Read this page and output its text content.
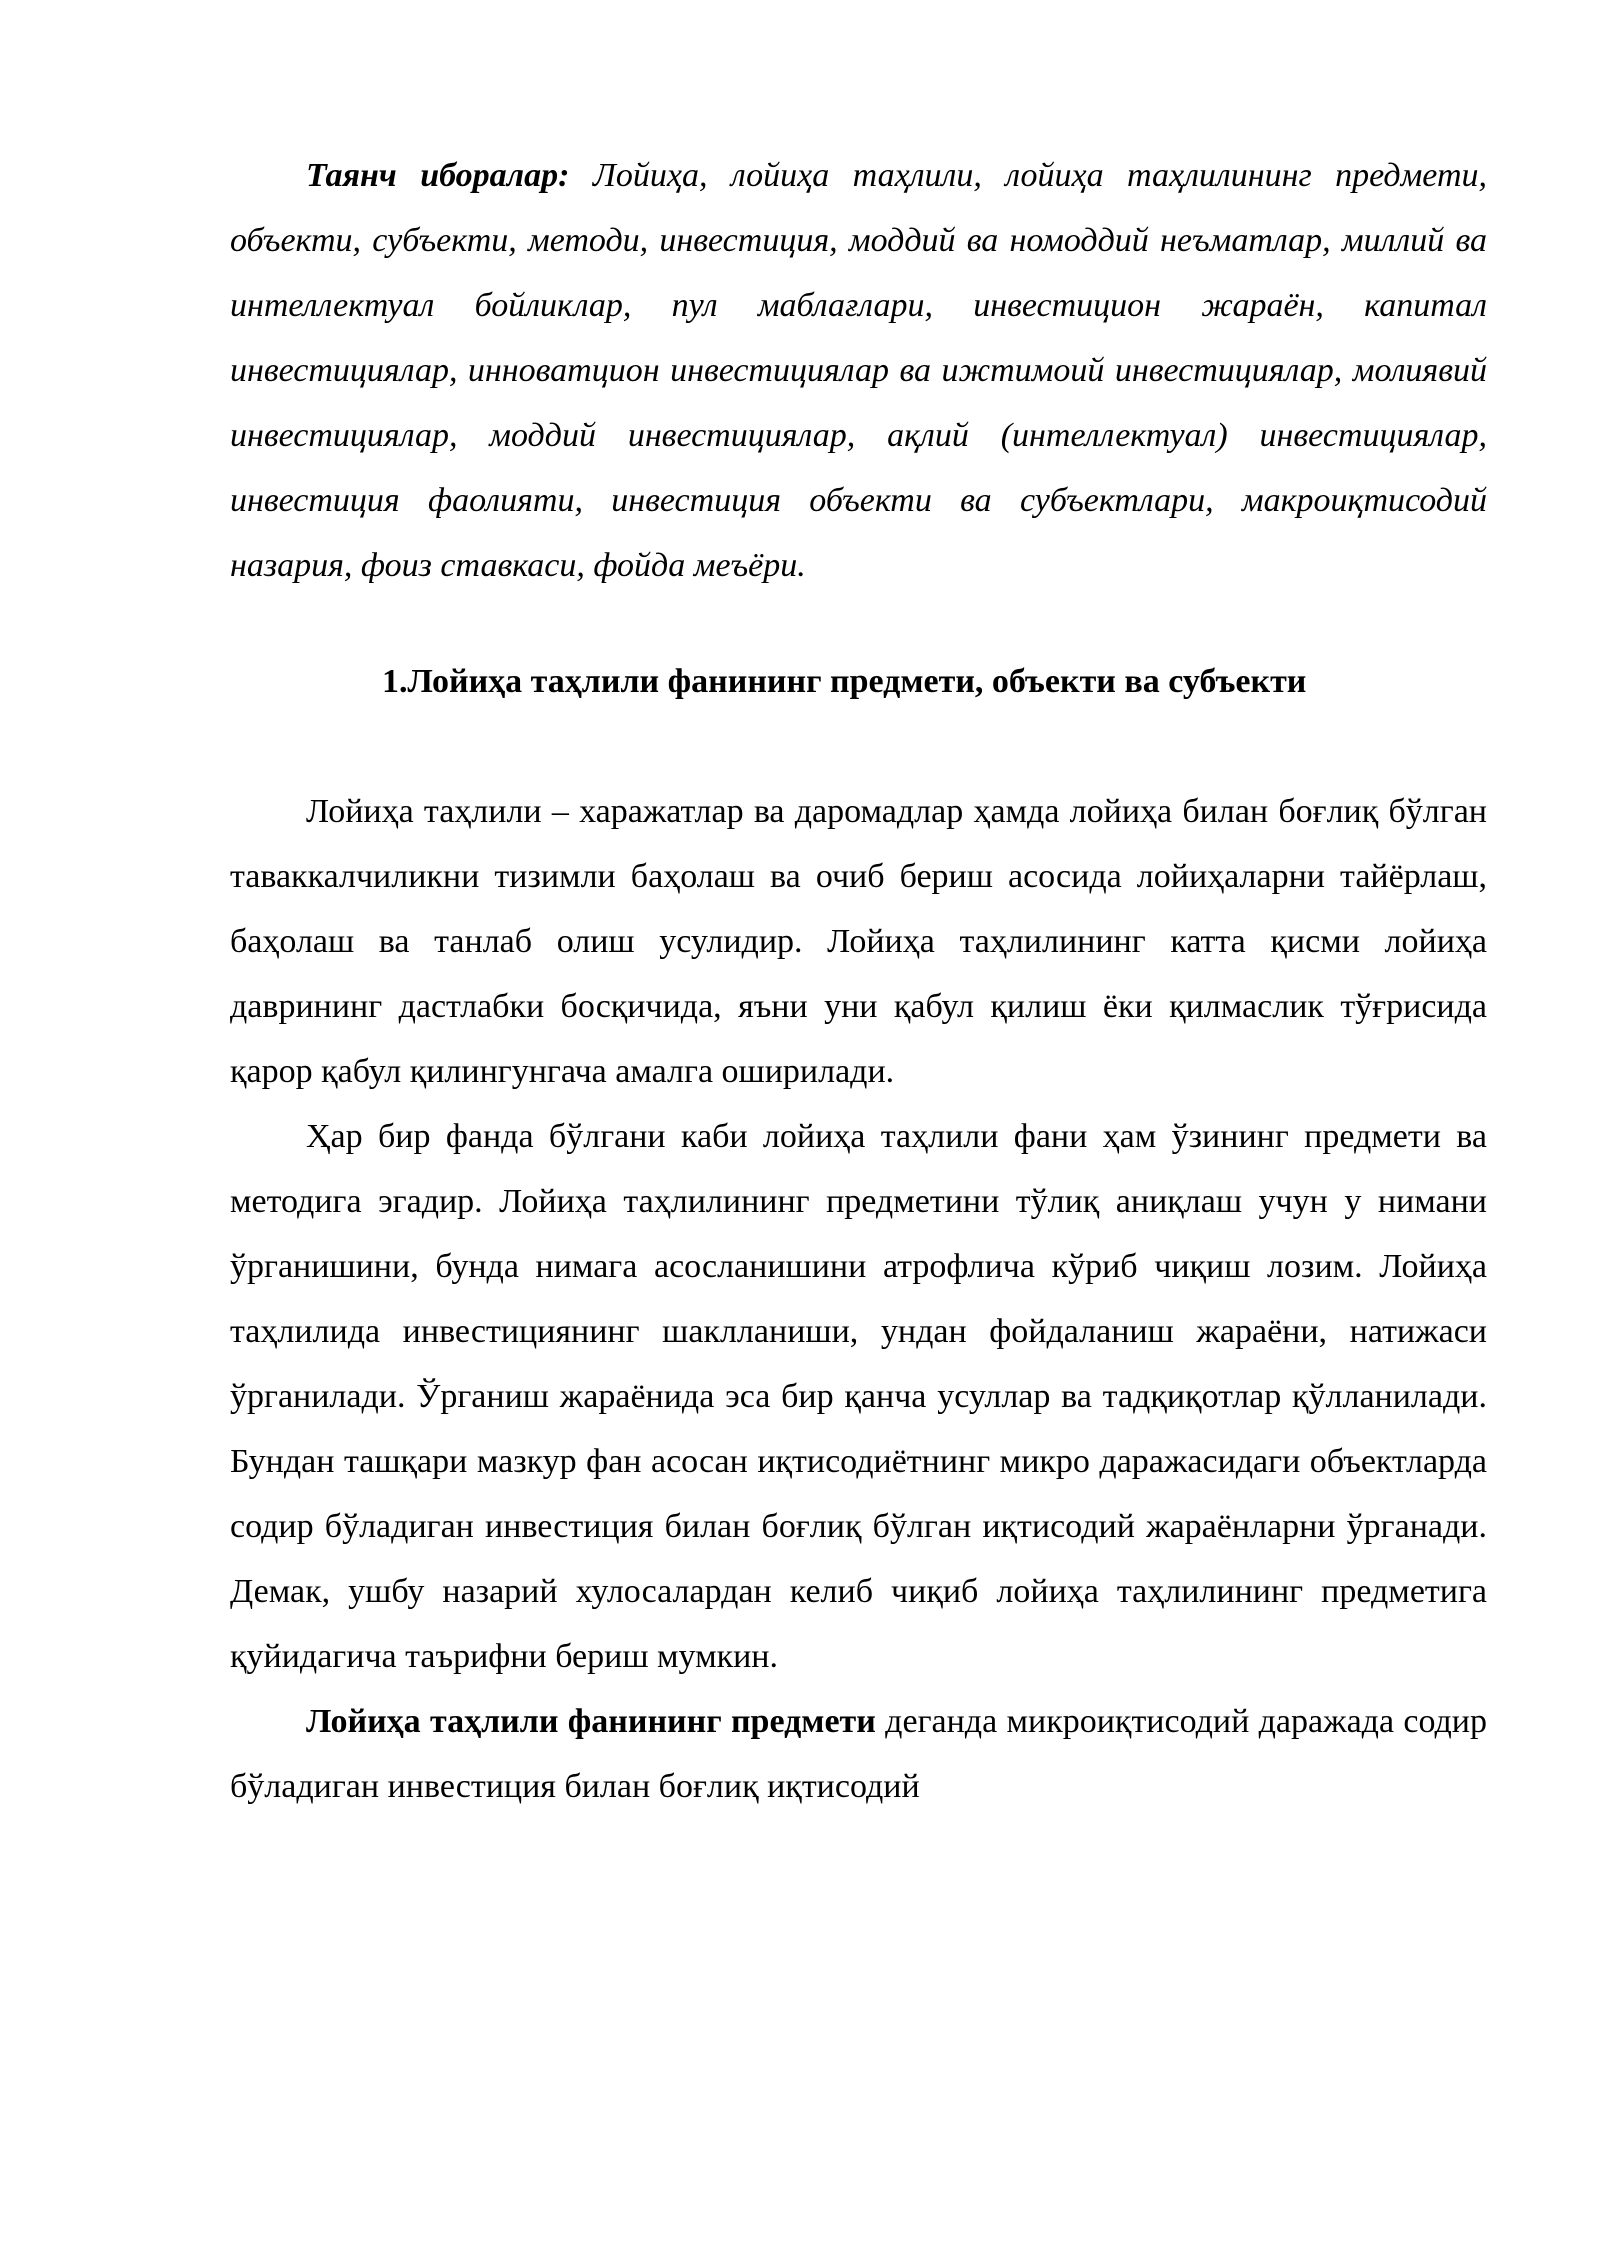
Таянч иборалар: Лойиҳа, лойиҳа таҳлили, лойиҳа таҳлилининг предмети, объекти, субъекти, методи, инвестиция, моддий ва номоддий неъматлар, миллий ва интеллектуал бойликлар, пул маблағлари, инвестицион жараён, капитал инвестициялар, инноватцион инвестициялар ва ижтимоий инвестициялар, молиявий инвестициялар, моддий инвестициялар, ақлий (интеллектуал) инвестициялар, инвестиция фаолияти, инвестиция объекти ва субъектлари, макроиқтисодий назария, фоиз ставкаси, фойда меъёри.

1.Лойиҳа таҳлили фанининг предмети, объекти ва субъекти

Лойиҳа таҳлили – харажатлар ва даромадлар ҳамда лойиҳа билан боғлиқ бўлган таваккалчиликни тизимли баҳолаш ва очиб бериш асосида лойиҳаларни тайёрлаш, баҳолаш ва танлаб олиш усулидир. Лойиҳа таҳлилининг катта қисми лойиҳа даврининг дастлабки босқичида, яъни уни қабул қилиш ёки қилмаслик тўғрисида қарор қабул қилингунгача амалга оширилади.

Ҳар бир фанда бўлгани каби лойиҳа таҳлили фани ҳам ўзининг предмети ва методига эгадир. Лойиҳа таҳлилининг предметини тўлиқ аниқлаш учун у нимани ўрганишини, бунда нимага асосланишини атрофлича кўриб чиқиш лозим. Лойиҳа таҳлилида инвестициянинг шаклланиши, ундан фойдаланиш жараёни, натижаси ўрганилади. Ўрганиш жараёнида эса бир қанча усуллар ва тадқиқотлар қўлланилади. Бундан ташқари мазкур фан асосан иқтисодиётнинг микро даражасидаги объектларда содир бўладиган инвестиция билан боғлиқ бўлган иқтисодий жараёнларни ўрганади. Демак, ушбу назарий хулосалардан келиб чиқиб лойиҳа таҳлилининг предметига қуйидагича таърифни бериш мумкин.

Лойиҳа таҳлили фанининг предмети деганда микроиқтисодий даражада содир бўладиган инвестиция билан боғлиқ иқтисодий
